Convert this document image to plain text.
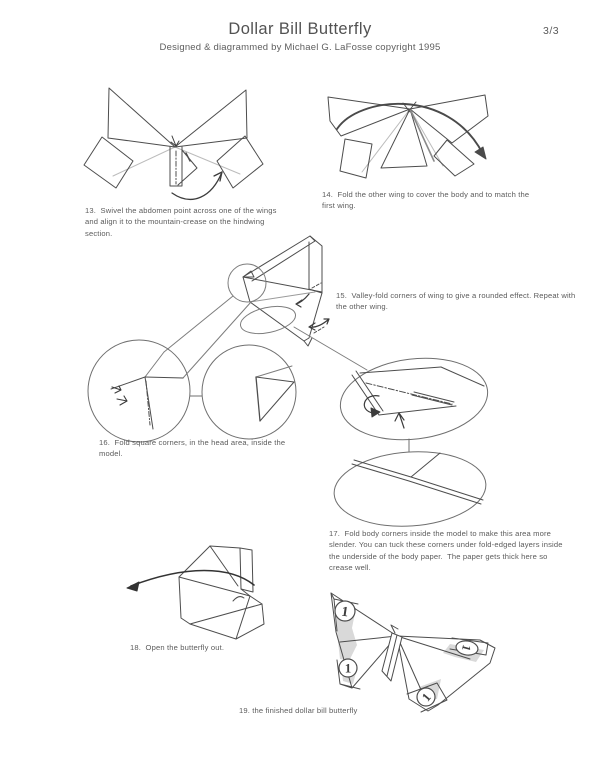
Dollar Bill Butterfly	3/3
Designed & diagrammed by Michael G. LaFosse copyright 1995
1
1
1
1
13.  Swivel the abdomen point across one of the wings and align it to the mountain-crease on the hindwing section.
14.  Fold the other wing to cover the body and to match the first wing.
15.  Valley-fold corners of wing to give a rounded effect. Repeat with the other wing.
16.  Fold square corners, in the head area, inside the model.
17.  Fold body corners inside the model to make this area more slender. You can tuck these corners under fold-edged layers inside the underside of the body paper.  The paper gets thick here so crease well.
18.  Open the butterfly out.
19. the finished dollar bill butterfly
